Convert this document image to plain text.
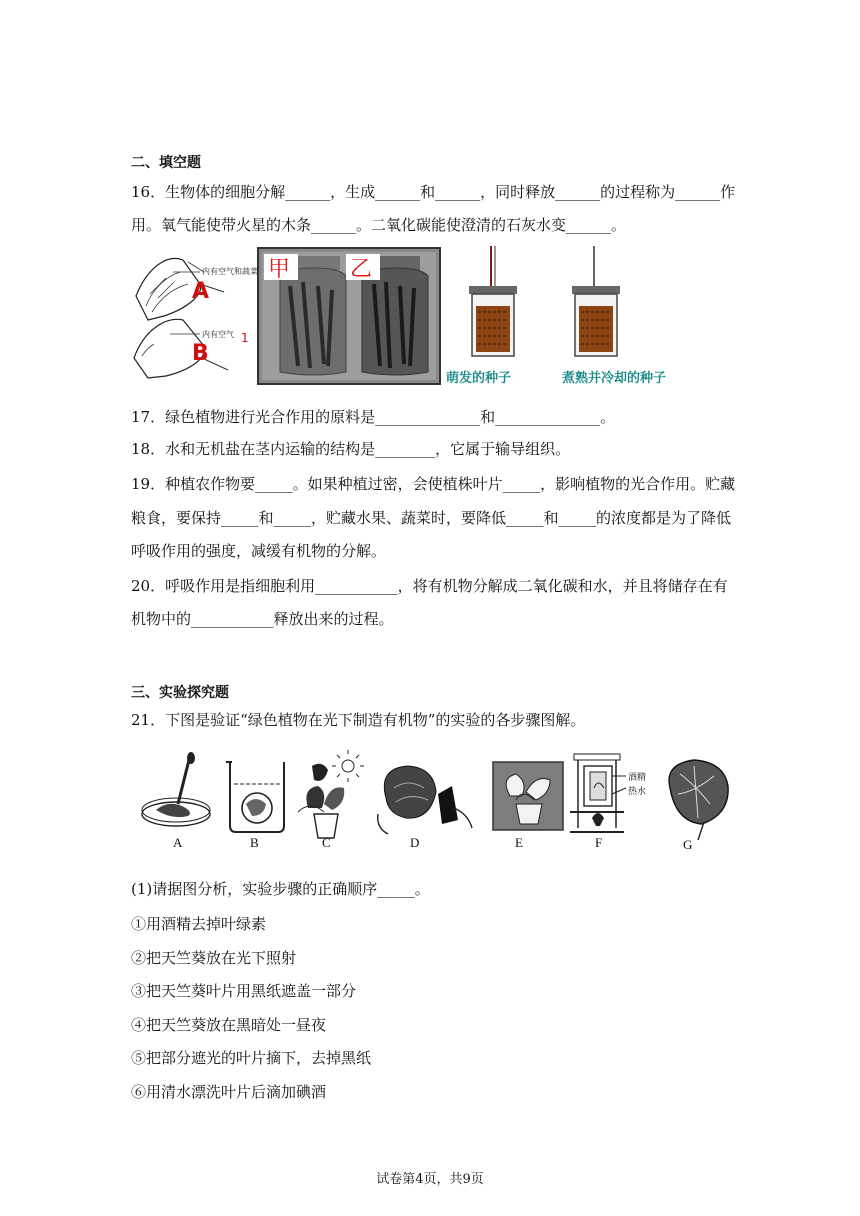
二、填空题
16．生物体的细胞分解______，生成______和______，同时释放______的过程称为______作
用。氧气能使带火星的木条______。二氧化碳能使澄清的石灰水变______。
内有空气和蔬菜
A
内有空气
B
1
甲	乙
萌发的种子	煮熟并冷却的种子
17．绿色植物进行光合作用的原料是______________和______________。
18．水和无机盐在茎内运输的结构是________，它属于输导组织。
19．种植农作物要_____。如果种植过密，会使植株叶片_____，影响植物的光合作用。贮藏
粮食，要保持_____和_____，贮藏水果、蔬菜时，要降低_____和_____的浓度都是为了降低
呼吸作用的强度，减缓有机物的分解。
20．呼吸作用是指细胞利用___________，将有机物分解成二氧化碳和水，并且将储存在有
机物中的___________释放出来的过程。
三、实验探究题
21．下图是验证“绿色植物在光下制造有机物”的实验的各步骤图解。
酒精
热水
A	B	C	D	E	F	G
(1)请据图分析，实验步骤的正确顺序_____。
①用酒精去掉叶绿素
②把天竺葵放在光下照射
③把天竺葵叶片用黑纸遮盖一部分
④把天竺葵放在黑暗处一昼夜
⑤把部分遮光的叶片摘下，去掉黑纸
⑥用清水漂洗叶片后滴加碘酒
试卷第4页，共9页
